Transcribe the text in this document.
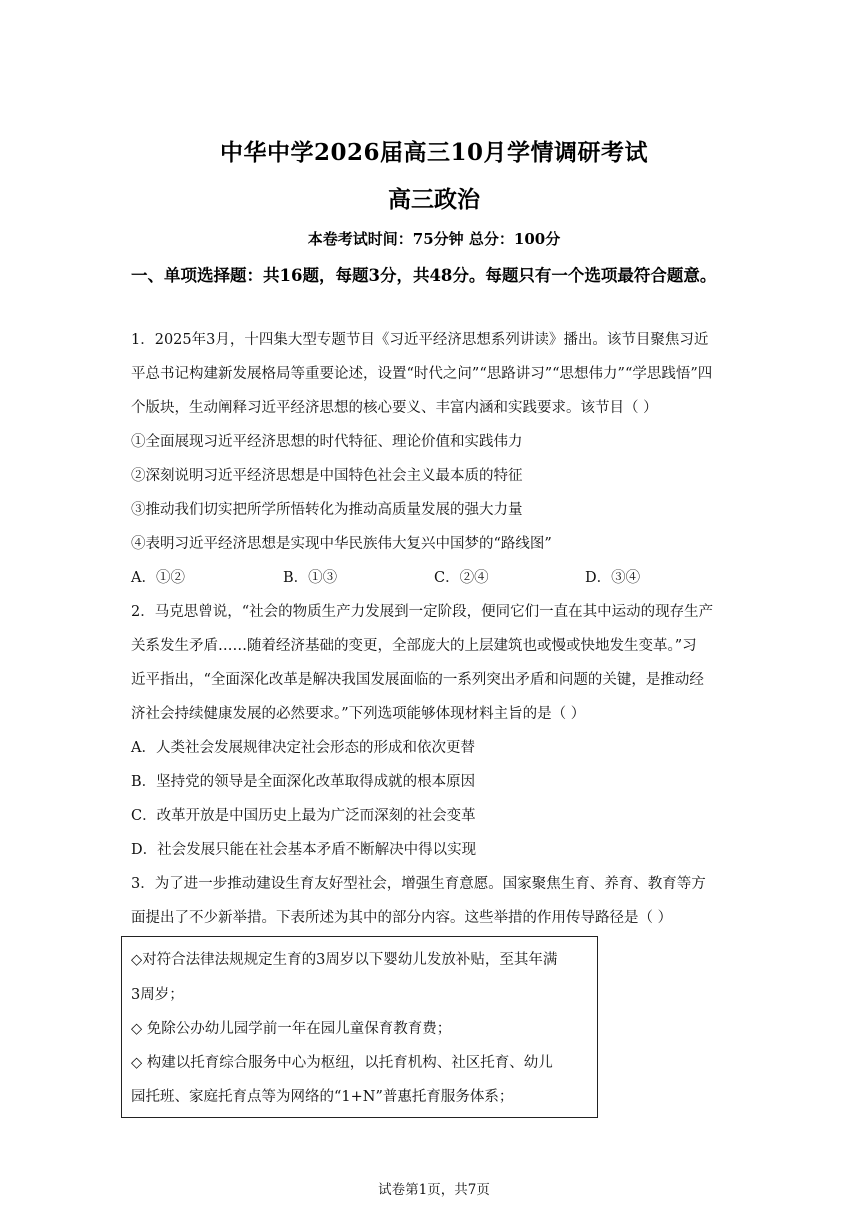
中华中学2026届高三10月学情调研考试
高三政治
本卷考试时间：75分钟 总分：100分
一、单项选择题：共16题，每题3分，共48分。每题只有一个选项最符合题意。
1．2025年3月，十四集大型专题节目《习近平经济思想系列讲读》播出。该节目聚焦习近
平总书记构建新发展格局等重要论述，设置“时代之问”“思路讲习”“思想伟力”“学思践悟”四
个版块，生动阐释习近平经济思想的核心要义、丰富内涵和实践要求。该节目（ ）
①全面展现习近平经济思想的时代特征、理论价值和实践伟力
②深刻说明习近平经济思想是中国特色社会主义最本质的特征
③推动我们切实把所学所悟转化为推动高质量发展的强大力量
④表明习近平经济思想是实现中华民族伟大复兴中国梦的“路线图”
A．①②	B．①③	C．②④	D．③④
2．马克思曾说，“社会的物质生产力发展到一定阶段，便同它们一直在其中运动的现存生产
关系发生矛盾……随着经济基础的变更，全部庞大的上层建筑也或慢或快地发生变革。”习
近平指出，“全面深化改革是解决我国发展面临的一系列突出矛盾和问题的关键，是推动经
济社会持续健康发展的必然要求。”下列选项能够体现材料主旨的是（ ）
A．人类社会发展规律决定社会形态的形成和依次更替
B．坚持党的领导是全面深化改革取得成就的根本原因
C．改革开放是中国历史上最为广泛而深刻的社会变革
D．社会发展只能在社会基本矛盾不断解决中得以实现
3．为了进一步推动建设生育友好型社会，增强生育意愿。国家聚焦生育、养育、教育等方
面提出了不少新举措。下表所述为其中的部分内容。这些举措的作用传导路径是（ ）
◇对符合法律法规规定生育的3周岁以下婴幼儿发放补贴，至其年满
3周岁；
◇ 免除公办幼儿园学前一年在园儿童保育教育费；
◇ 构建以托育综合服务中心为枢纽，以托育机构、社区托育、幼儿
园托班、家庭托育点等为网络的“1+N”普惠托育服务体系；
试卷第1页，共7页
